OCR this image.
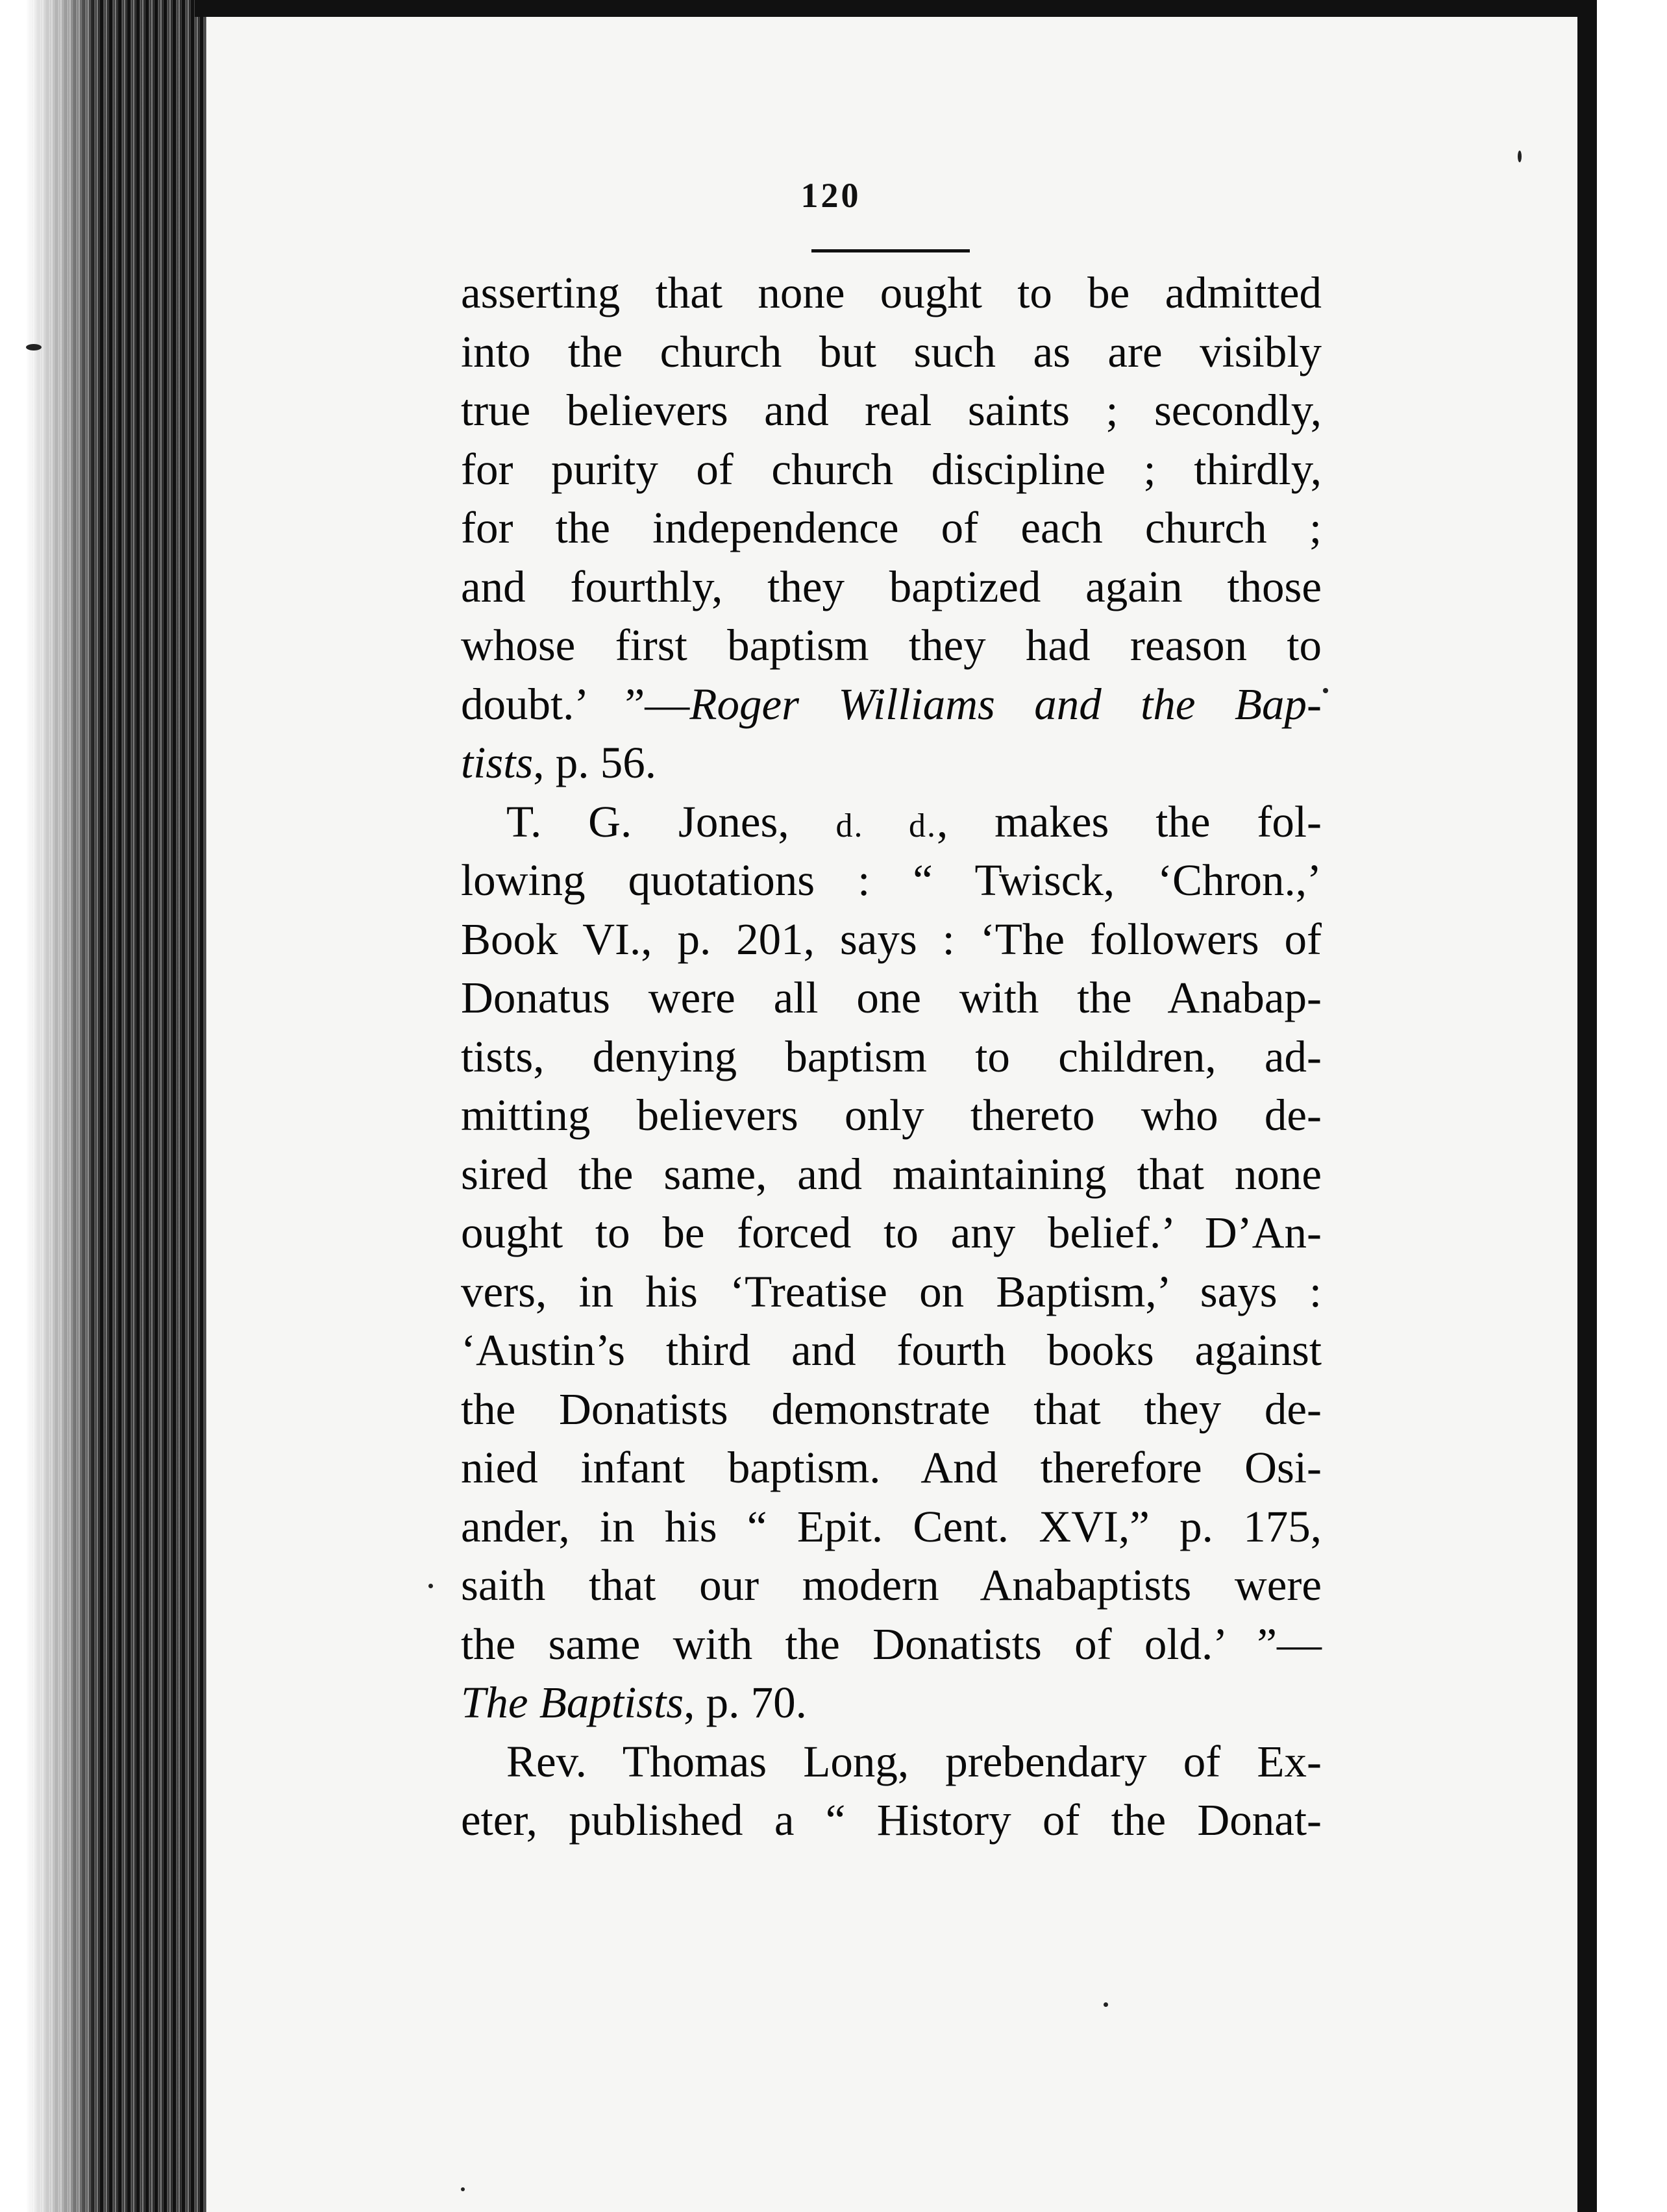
120
asserting that none ought to be admitted
into the church but such as are visibly
true believers and real saints ; secondly,
for purity of church discipline ; thirdly,
for the independence of each church ;
and fourthly, they baptized again those
whose first baptism they had reason to
doubt.’ ”—Roger Williams and the Bap-
tists, p. 56.
T. G. Jones, d. d., makes the fol-
lowing quotations : “ Twisck, ‘Chron.,’
Book VI., p. 201, says : ‘The followers of
Donatus were all one with the Anabap-
tists, denying baptism to children, ad-
mitting believers only thereto who de-
sired the same, and maintaining that none
ought to be forced to any belief.’ D’An-
vers, in his ‘Treatise on Baptism,’ says :
‘Austin’s third and fourth books against
the Donatists demonstrate that they de-
nied infant baptism. And therefore Osi-
ander, in his “ Epit. Cent. XVI,” p. 175,
saith that our modern Anabaptists were
the same with the Donatists of old.’ ”—
The Baptists, p. 70.
Rev. Thomas Long, prebendary of Ex-
eter, published a “ History of the Donat-
